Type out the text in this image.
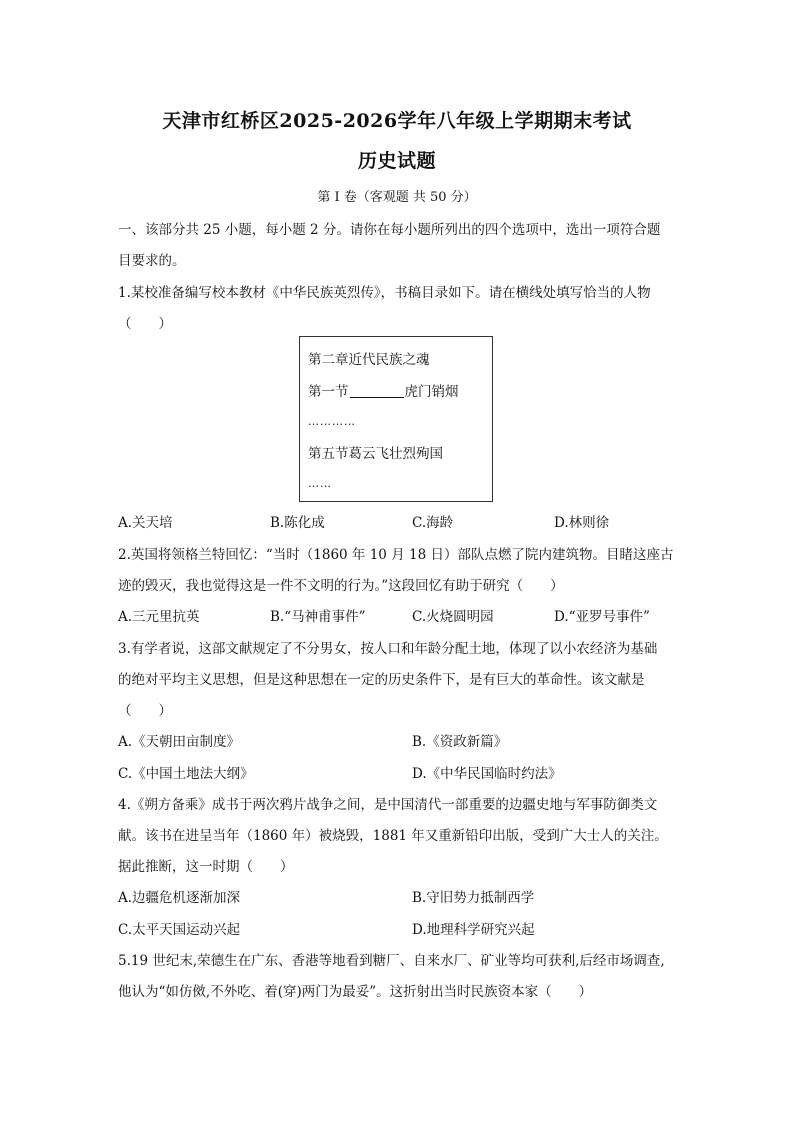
天津市红桥区2025-2026学年八年级上学期期末考试
历史试题
第 I 卷（客观题 共 50 分）
一、该部分共 25 小题，每小题 2 分。请你在每小题所列出的四个选项中，选出一项符合题
目要求的。
1.某校准备编写校本教材《中华民族英烈传》，书稿目录如下。请在横线处填写恰当的人物
（　　）
第二章近代民族之魂
第一节	虎门销烟
…………
第五节葛云飞壮烈殉国
……
A.关天培	B.陈化成	C.海龄	D.林则徐
2.英国将领格兰特回忆：“当时（1860 年 10 月 18 日）部队点燃了院内建筑物。目睹这座古
迹的毁灭，我也觉得这是一件不文明的行为。”这段回忆有助于研究（　　）
A.三元里抗英	B.“马神甫事件”	C.火烧圆明园	D.“亚罗号事件”
3.有学者说，这部文献规定了不分男女，按人口和年龄分配土地，体现了以小农经济为基础
的绝对平均主义思想，但是这种思想在一定的历史条件下，是有巨大的革命性。该文献是
（　　）
A.《天朝田亩制度》	B.《资政新篇》
C.《中国土地法大纲》	D.《中华民国临时约法》
4.《朔方备乘》成书于两次鸦片战争之间，是中国清代一部重要的边疆史地与军事防御类文
献。该书在进呈当年（1860 年）被烧毁，1881 年又重新铅印出版，受到广大士人的关注。
据此推断，这一时期（　　）
A.边疆危机逐渐加深	B.守旧势力抵制西学
C.太平天国运动兴起	D.地理科学研究兴起
5.19 世纪末,荣德生在广东、香港等地看到糖厂、自来水厂、矿业等均可获利,后经市场调查,
他认为“如仿傚,不外吃、着(穿)两门为最妥”。这折射出当时民族资本家（　　）
